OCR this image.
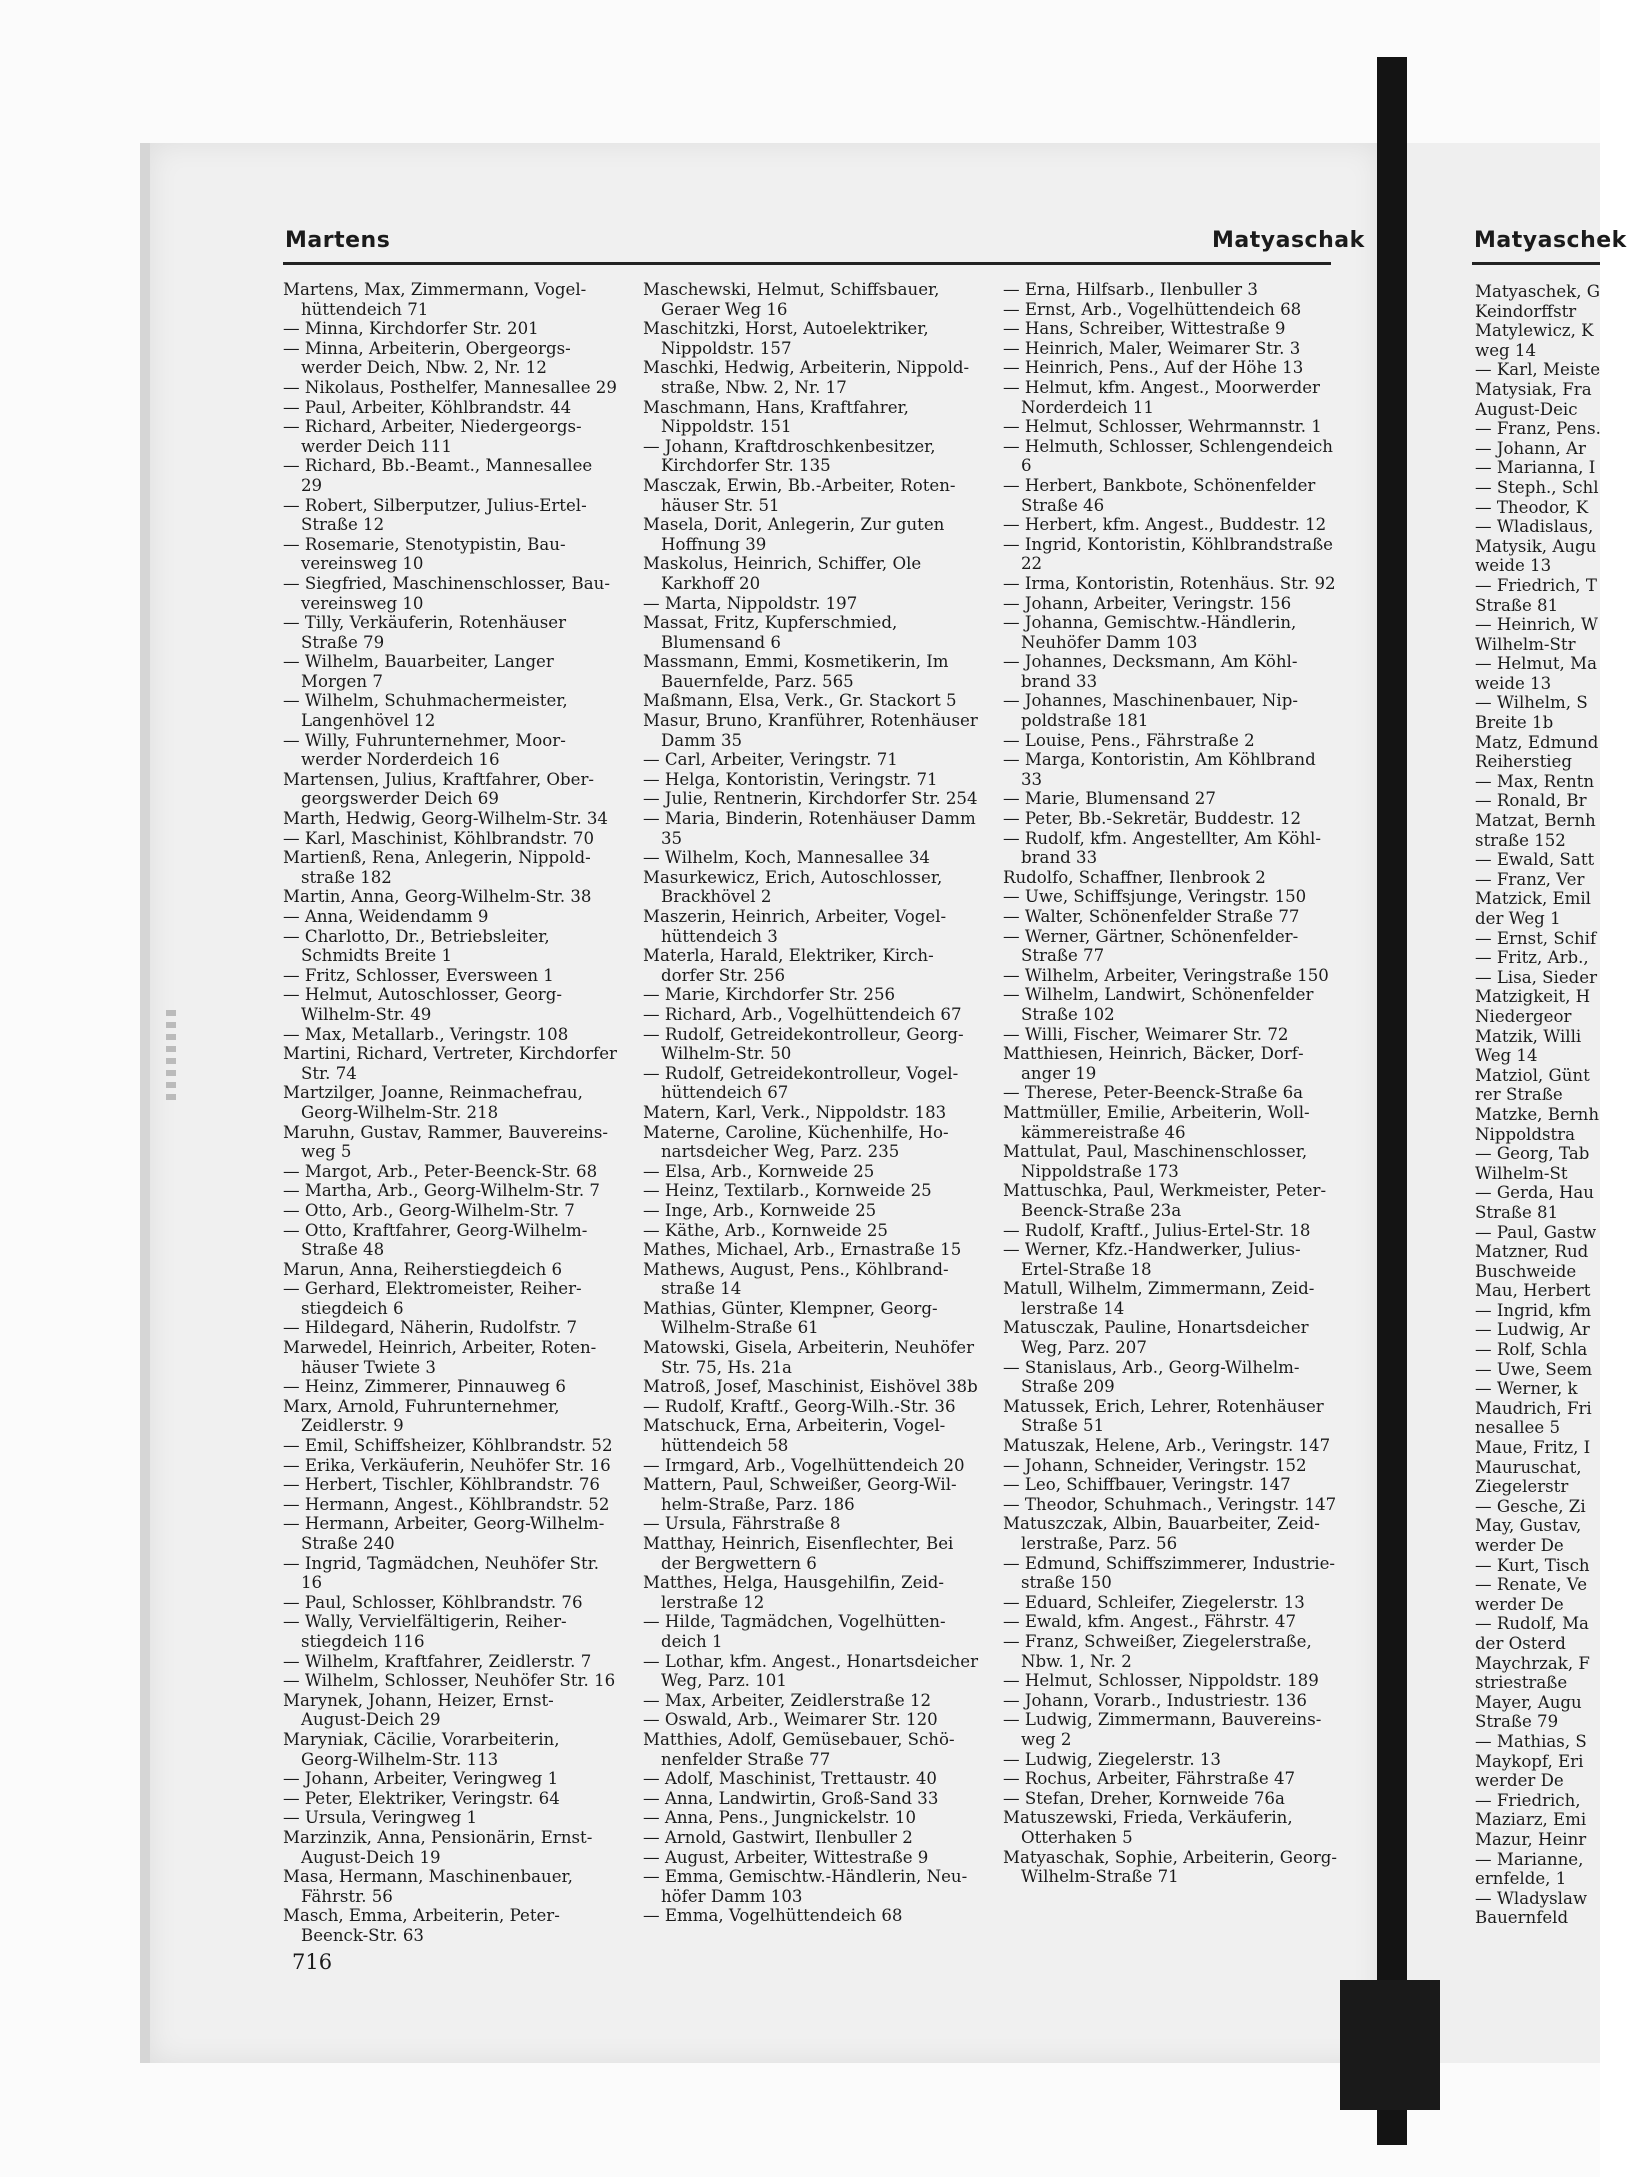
Martens	Matyaschak	Matyaschek
Martens, Max, Zimmermann, Vogelhüttendeich 71
— Minna, Kirchdorfer Str. 201
— Minna, Arbeiterin, Obergeorgswerder Deich, Nbw. 2, Nr. 12
— Nikolaus, Posthelfer, Mannesallee 29
— Paul, Arbeiter, Köhlbrandstr. 44
— Richard, Arbeiter, Niedergeorgswerder Deich 111
— Richard, Bb.-Beamt., Mannesallee 29
— Robert, Silberputzer, Julius-Ertel-Straße 12
— Rosemarie, Stenotypistin, Bauvereinsweg 10
— Siegfried, Maschinenschlosser, Bauvereinsweg 10
— Tilly, Verkäuferin, Rotenhäuser Straße 79
— Wilhelm, Bauarbeiter, Langer Morgen 7
— Wilhelm, Schuhmachermeister, Langenhövel 12
— Willy, Fuhrunternehmer, Moorwerder Norderdeich 16
Martensen, Julius, Kraftfahrer, Obergeorgswerder Deich 69
Marth, Hedwig, Georg-Wilhelm-Str. 34
— Karl, Maschinist, Köhlbrandstr. 70
Martienß, Rena, Anlegerin, Nippoldstraße 182
Martin, Anna, Georg-Wilhelm-Str. 38
— Anna, Weidendamm 9
— Charlotto, Dr., Betriebsleiter, Schmidts Breite 1
— Fritz, Schlosser, Eversween 1
— Helmut, Autoschlosser, Georg-Wilhelm-Str. 49
— Max, Metallarb., Veringstr. 108
Martini, Richard, Vertreter, Kirchdorfer Str. 74
Martzilger, Joanne, Reinmachefrau, Georg-Wilhelm-Str. 218
Maruhn, Gustav, Rammer, Bauvereinsweg 5
— Margot, Arb., Peter-Beenck-Str. 68
— Martha, Arb., Georg-Wilhelm-Str. 7
— Otto, Arb., Georg-Wilhelm-Str. 7
— Otto, Kraftfahrer, Georg-Wilhelm-Straße 48
Marun, Anna, Reiherstiegdeich 6
— Gerhard, Elektromeister, Reiherstiegdeich 6
— Hildegard, Näherin, Rudolfstr. 7
Marwedel, Heinrich, Arbeiter, Rotenhäuser Twiete 3
— Heinz, Zimmerer, Pinnauweg 6
Marx, Arnold, Fuhrunternehmer, Zeidlerstr. 9
— Emil, Schiffsheizer, Köhlbrandstr. 52
— Erika, Verkäuferin, Neuhöfer Str. 16
— Herbert, Tischler, Köhlbrandstr. 76
— Hermann, Angest., Köhlbrandstr. 52
— Hermann, Arbeiter, Georg-Wilhelm-Straße 240
— Ingrid, Tagmädchen, Neuhöfer Str. 16
— Paul, Schlosser, Köhlbrandstr. 76
— Wally, Vervielfältigerin, Reiherstiegdeich 116
— Wilhelm, Kraftfahrer, Zeidlerstr. 7
— Wilhelm, Schlosser, Neuhöfer Str. 16
Marynek, Johann, Heizer, Ernst-August-Deich 29
Maryniak, Cäcilie, Vorarbeiterin, Georg-Wilhelm-Str. 113
— Johann, Arbeiter, Veringweg 1
— Peter, Elektriker, Veringstr. 64
— Ursula, Veringweg 1
Marzinzik, Anna, Pensionärin, Ernst-August-Deich 19
Masa, Hermann, Maschinenbauer, Fährstr. 56
Masch, Emma, Arbeiterin, Peter-Beenck-Str. 63
Maschewski, Helmut, Schiffsbauer, Geraer Weg 16
Maschitzki, Horst, Autoelektriker, Nippoldstr. 157
Maschki, Hedwig, Arbeiterin, Nippoldstraße, Nbw. 2, Nr. 17
Maschmann, Hans, Kraftfahrer, Nippoldstr. 151
— Johann, Kraftdroschkenbesitzer, Kirchdorfer Str. 135
Masczak, Erwin, Bb.-Arbeiter, Rotenhäuser Str. 51
Masela, Dorit, Anlegerin, Zur guten Hoffnung 39
Maskolus, Heinrich, Schiffer, Ole Karkhoff 20
— Marta, Nippoldstr. 197
Massat, Fritz, Kupferschmied, Blumensand 6
Massmann, Emmi, Kosmetikerin, Im Bauernfelde, Parz. 565
Maßmann, Elsa, Verk., Gr. Stackort 5
Masur, Bruno, Kranführer, Rotenhäuser Damm 35
— Carl, Arbeiter, Veringstr. 71
— Helga, Kontoristin, Veringstr. 71
— Julie, Rentnerin, Kirchdorfer Str. 254
— Maria, Binderin, Rotenhäuser Damm 35
— Wilhelm, Koch, Mannesallee 34
Masurkewicz, Erich, Autoschlosser, Brackhövel 2
Maszerin, Heinrich, Arbeiter, Vogelhüttendeich 3
Materla, Harald, Elektriker, Kirchdorfer Str. 256
— Marie, Kirchdorfer Str. 256
— Richard, Arb., Vogelhüttendeich 67
— Rudolf, Getreidekontrolleur, Georg-Wilhelm-Str. 50
— Rudolf, Getreidekontrolleur, Vogelhüttendeich 67
Matern, Karl, Verk., Nippoldstr. 183
Materne, Caroline, Küchenhilfe, Honartsdeicher Weg, Parz. 235
— Elsa, Arb., Kornweide 25
— Heinz, Textilarb., Kornweide 25
— Inge, Arb., Kornweide 25
— Käthe, Arb., Kornweide 25
Mathes, Michael, Arb., Ernastraße 15
Mathews, August, Pens., Köhlbrandstraße 14
Mathias, Günter, Klempner, Georg-Wilhelm-Straße 61
Matowski, Gisela, Arbeiterin, Neuhöfer Str. 75, Hs. 21a
Matroß, Josef, Maschinist, Eishövel 38b
— Rudolf, Kraftf., Georg-Wilh.-Str. 36
Matschuck, Erna, Arbeiterin, Vogelhüttendeich 58
— Irmgard, Arb., Vogelhüttendeich 20
Mattern, Paul, Schweißer, Georg-Wilhelm-Straße, Parz. 186
— Ursula, Fährstraße 8
Matthay, Heinrich, Eisenflechter, Bei der Bergwettern 6
Matthes, Helga, Hausgehilfin, Zeidlerstraße 12
— Hilde, Tagmädchen, Vogelhüttendeich 1
— Lothar, kfm. Angest., Honartsdeicher Weg, Parz. 101
— Max, Arbeiter, Zeidlerstraße 12
— Oswald, Arb., Weimarer Str. 120
Matthies, Adolf, Gemüsebauer, Schönenfelder Straße 77
— Adolf, Maschinist, Trettaustr. 40
— Anna, Landwirtin, Groß-Sand 33
— Anna, Pens., Jungnickelstr. 10
— Arnold, Gastwirt, Ilenbuller 2
— August, Arbeiter, Wittestraße 9
— Emma, Gemischtw.-Händlerin, Neuhöfer Damm 103
— Emma, Vogelhüttendeich 68
— Erna, Hilfsarb., Ilenbuller 3
— Ernst, Arb., Vogelhüttendeich 68
— Hans, Schreiber, Wittestraße 9
— Heinrich, Maler, Weimarer Str. 3
— Heinrich, Pens., Auf der Höhe 13
— Helmut, kfm. Angest., Moorwerder Norderdeich 11
— Helmut, Schlosser, Wehrmannstr. 1
— Helmuth, Schlosser, Schlengendeich 6
— Herbert, Bankbote, Schönenfelder Straße 46
— Herbert, kfm. Angest., Buddestr. 12
— Ingrid, Kontoristin, Köhlbrandstraße 22
— Irma, Kontoristin, Rotenhäus. Str. 92
— Johann, Arbeiter, Veringstr. 156
— Johanna, Gemischtw.-Händlerin, Neuhöfer Damm 103
— Johannes, Decksmann, Am Köhlbrand 33
— Johannes, Maschinenbauer, Nippoldstraße 181
— Louise, Pens., Fährstraße 2
— Marga, Kontoristin, Am Köhlbrand 33
— Marie, Blumensand 27
— Peter, Bb.-Sekretär, Buddestr. 12
— Rudolf, kfm. Angestellter, Am Köhlbrand 33
Rudolfo, Schaffner, Ilenbrook 2
— Uwe, Schiffsjunge, Veringstr. 150
— Walter, Schönenfelder Straße 77
— Werner, Gärtner, SchönenfelderStraße 77
— Wilhelm, Arbeiter, Veringstraße 150
— Wilhelm, Landwirt, Schönenfelder Straße 102
— Willi, Fischer, Weimarer Str. 72
Matthiesen, Heinrich, Bäcker, Dorfanger 19
— Therese, Peter-Beenck-Straße 6a
Mattmüller, Emilie, Arbeiterin, Wollkämmereistraße 46
Mattulat, Paul, Maschinenschlosser, Nippoldstraße 173
Mattuschka, Paul, Werkmeister, Peter-Beenck-Straße 23a
— Rudolf, Kraftf., Julius-Ertel-Str. 18
— Werner, Kfz.-Handwerker, Julius-Ertel-Straße 18
Matull, Wilhelm, Zimmermann, Zeidlerstraße 14
Matusczak, Pauline, Honartsdeicher Weg, Parz. 207
— Stanislaus, Arb., Georg-Wilhelm-Straße 209
Matussek, Erich, Lehrer, Rotenhäuser Straße 51
Matuszak, Helene, Arb., Veringstr. 147
— Johann, Schneider, Veringstr. 152
— Leo, Schiffbauer, Veringstr. 147
— Theodor, Schuhmach., Veringstr. 147
Matuszczak, Albin, Bauarbeiter, Zeidlerstraße, Parz. 56
— Edmund, Schiffszimmerer, Industriestraße 150
— Eduard, Schleifer, Ziegelerstr. 13
— Ewald, kfm. Angest., Fährstr. 47
— Franz, Schweißer, Ziegelerstraße, Nbw. 1, Nr. 2
— Helmut, Schlosser, Nippoldstr. 189
— Johann, Vorarb., Industriestr. 136
— Ludwig, Zimmermann, Bauvereinsweg 2
— Ludwig, Ziegelerstr. 13
— Rochus, Arbeiter, Fährstraße 47
— Stefan, Dreher, Kornweide 76a
Matuszewski, Frieda, Verkäuferin, Otterhaken 5
Matyaschak, Sophie, Arbeiterin, Georg-Wilhelm-Straße 71
Matyaschek, G
Keindorffstr
Matylewicz, K
weg 14
— Karl, Meiste
Matysiak, Fra
August-Deic
— Franz, Pens.
— Johann, Ar
— Marianna, I
— Steph., Schl
— Theodor, K
— Wladislaus,
Matysik, Augu
weide 13
— Friedrich, T
Straße 81
— Heinrich, W
Wilhelm-Str
— Helmut, Ma
weide 13
— Wilhelm, S
Breite 1b
Matz, Edmund
Reiherstieg
— Max, Rentn
— Ronald, Br
Matzat, Bernh
straße 152
— Ewald, Satt
— Franz, Ver
Matzick, Emil
der Weg 1
— Ernst, Schif
— Fritz, Arb.,
— Lisa, Sieder
Matzigkeit, H
Niedergeor
Matzik, Willi
Weg 14
Matziol, Günt
rer Straße
Matzke, Bernh
Nippoldstra
— Georg, Tab
Wilhelm-St
— Gerda, Hau
Straße 81
— Paul, Gastw
Matzner, Rud
Buschweide
Mau, Herbert
— Ingrid, kfm
— Ludwig, Ar
— Rolf, Schla
— Uwe, Seem
— Werner, k
Maudrich, Fri
nesallee 5
Maue, Fritz, I
Mauruschat,
Ziegelerstr
— Gesche, Zi
May, Gustav,
werder De
— Kurt, Tisch
— Renate, Ve
werder De
— Rudolf, Ma
der Osterd
Maychrzak, F
striestraße
Mayer, Augu
Straße 79
— Mathias, S
Maykopf, Eri
werder De
— Friedrich,
Maziarz, Emi
Mazur, Heinr
— Marianne,
ernfelde, 1
— Wladyslaw
Bauernfeld
716
